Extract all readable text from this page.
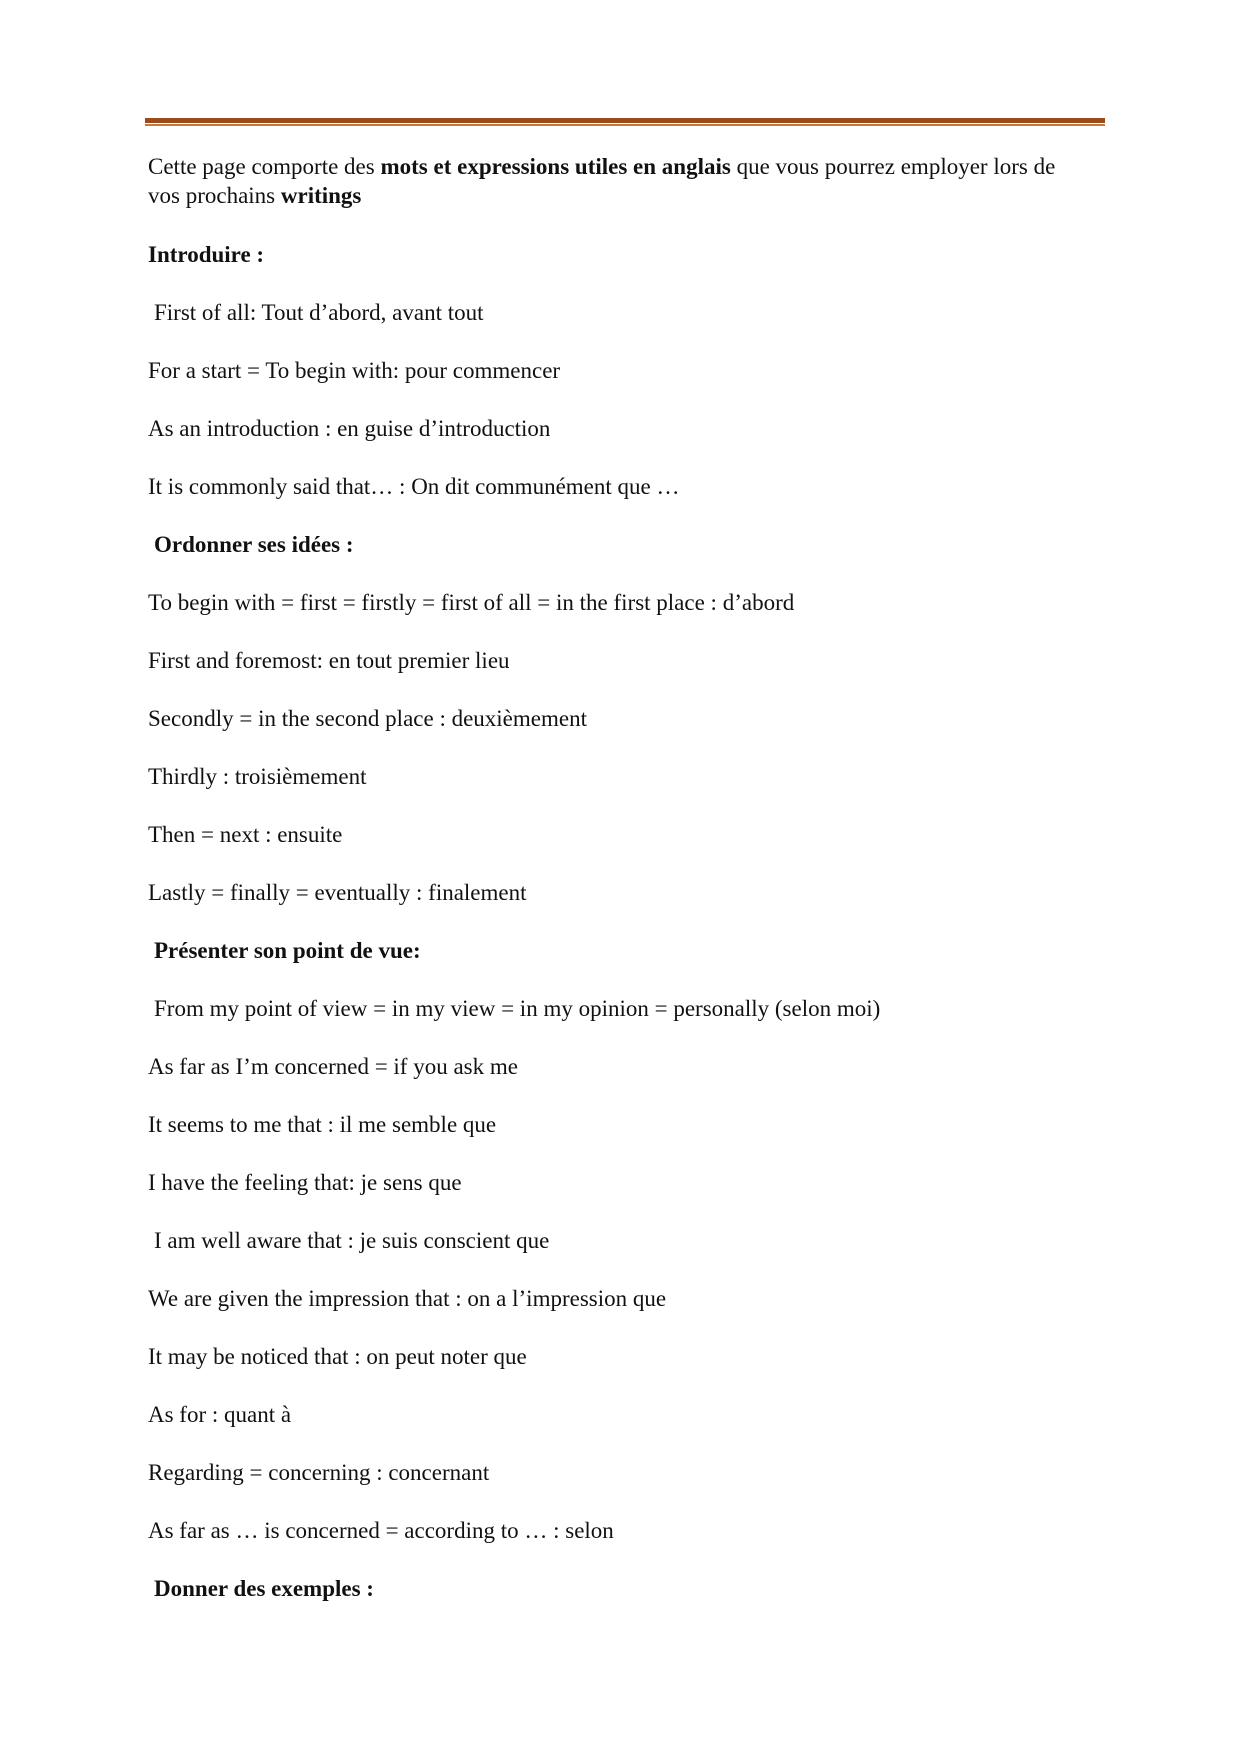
Cette page comporte des mots et expressions utiles en anglais que vous pourrez employer lors de vos prochains writings

Introduire :
First of all: Tout d’abord, avant tout
For a start = To begin with: pour commencer
As an introduction : en guise d’introduction
It is commonly said that… : On dit communément que …
Ordonner ses idées :
To begin with = first = firstly = first of all = in the first place : d’abord
First and foremost: en tout premier lieu
Secondly = in the second place : deuxièmement
Thirdly : troisièmement
Then = next : ensuite
Lastly = finally = eventually : finalement
Présenter son point de vue:
From my point of view = in my view = in my opinion = personally (selon moi)
As far as I’m concerned = if you ask me
It seems to me that : il me semble que
I have the feeling that: je sens que
I am well aware that : je suis conscient que
We are given the impression that : on a l’impression que
It may be noticed that : on peut noter que
As for : quant à
Regarding = concerning : concernant
As far as … is concerned = according to … : selon
Donner des exemples :
